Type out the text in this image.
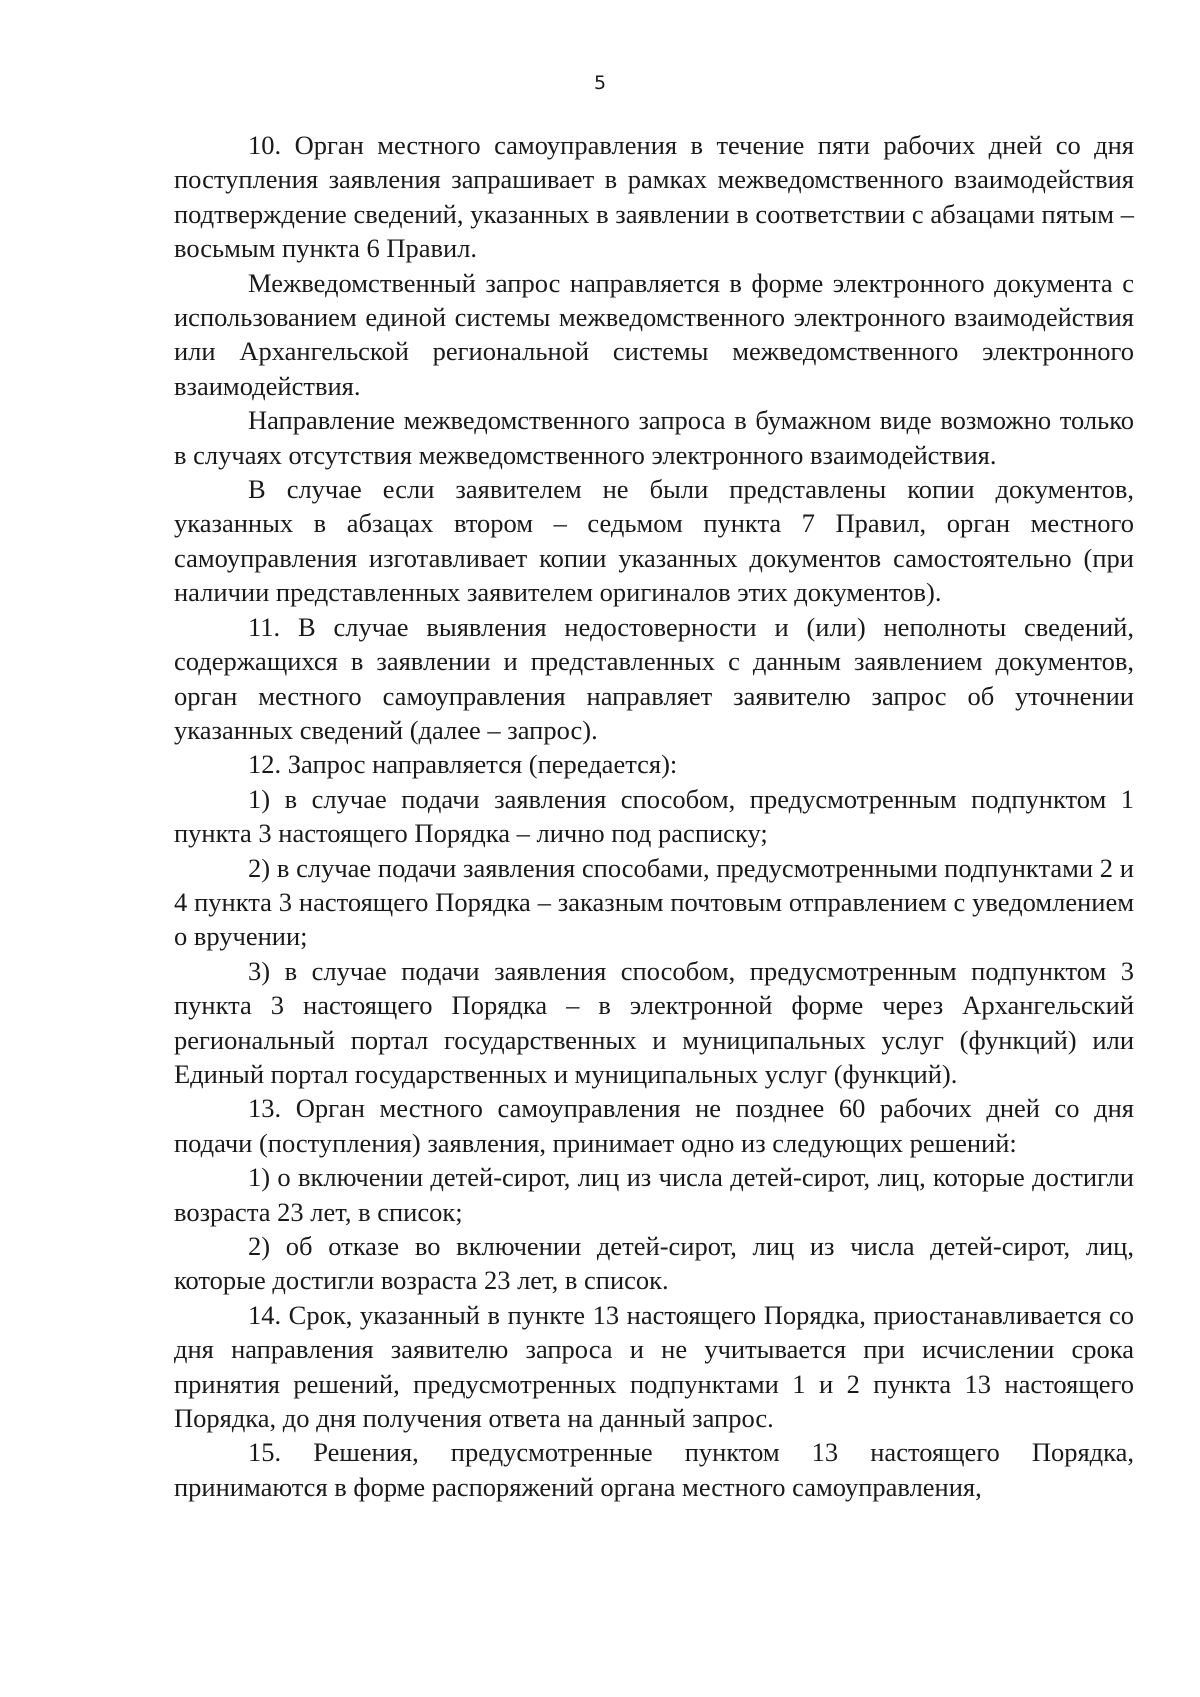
5

10. Орган местного самоуправления в течение пяти рабочих дней со дня поступления заявления запрашивает в рамках межведомственного взаимодействия подтверждение сведений, указанных в заявлении в соответствии с абзацами пятым – восьмым пункта 6 Правил.

Межведомственный запрос направляется в форме электронного документа с использованием единой системы межведомственного электронного взаимодействия или Архангельской региональной системы межведомственного электронного взаимодействия.

Направление межведомственного запроса в бумажном виде возможно только в случаях отсутствия межведомственного электронного взаимодействия.

В случае если заявителем не были представлены копии документов, указанных в абзацах втором – седьмом пункта 7 Правил, орган местного самоуправления изготавливает копии указанных документов самостоятельно (при наличии представленных заявителем оригиналов этих документов).

11. В случае выявления недостоверности и (или) неполноты сведений, содержащихся в заявлении и представленных с данным заявлением документов, орган местного самоуправления направляет заявителю запрос об уточнении указанных сведений (далее – запрос).

12. Запрос направляется (передается):

1) в случае подачи заявления способом, предусмотренным подпунктом 1 пункта 3 настоящего Порядка – лично под расписку;

2) в случае подачи заявления способами, предусмотренными подпунктами 2 и 4 пункта 3 настоящего Порядка – заказным почтовым отправлением с уведомлением о вручении;

3) в случае подачи заявления способом, предусмотренным подпунктом 3 пункта 3 настоящего Порядка – в электронной форме через Архангельский региональный портал государственных и муниципальных услуг (функций) или Единый портал государственных и муниципальных услуг (функций).

13. Орган местного самоуправления не позднее 60 рабочих дней со дня подачи (поступления) заявления, принимает одно из следующих решений:

1) о включении детей-сирот, лиц из числа детей-сирот, лиц, которые достигли возраста 23 лет, в список;

2) об отказе во включении детей-сирот, лиц из числа детей-сирот, лиц, которые достигли возраста 23 лет, в список.

14. Срок, указанный в пункте 13 настоящего Порядка, приостанавливается со дня направления заявителю запроса и не учитывается при исчислении срока принятия решений, предусмотренных подпунктами 1 и 2 пункта 13 настоящего Порядка, до дня получения ответа на данный запрос.

15. Решения, предусмотренные пунктом 13 настоящего Порядка, принимаются в форме распоряжений органа местного самоуправления,
